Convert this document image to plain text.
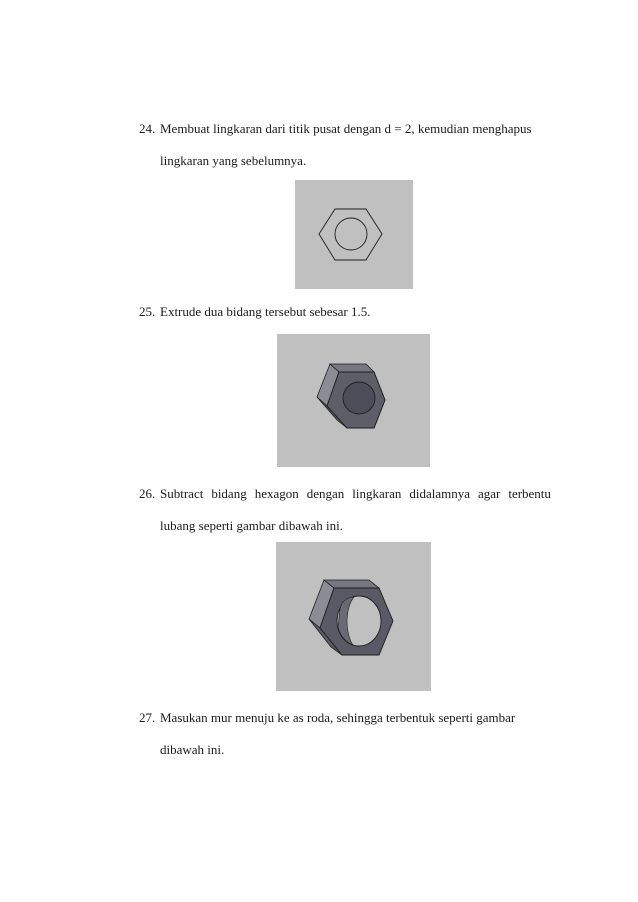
24. Membuat lingkaran dari titik pusat dengan d = 2, kemudian menghapus
lingkaran yang sebelumnya.
25. Extrude dua bidang tersebut sebesar 1.5.
26. Subtract bidang hexagon dengan lingkaran didalamnya agar terbentu
lubang seperti gambar dibawah ini.
27. Masukan mur menuju ke as roda, sehingga terbentuk seperti gambar
dibawah ini.
